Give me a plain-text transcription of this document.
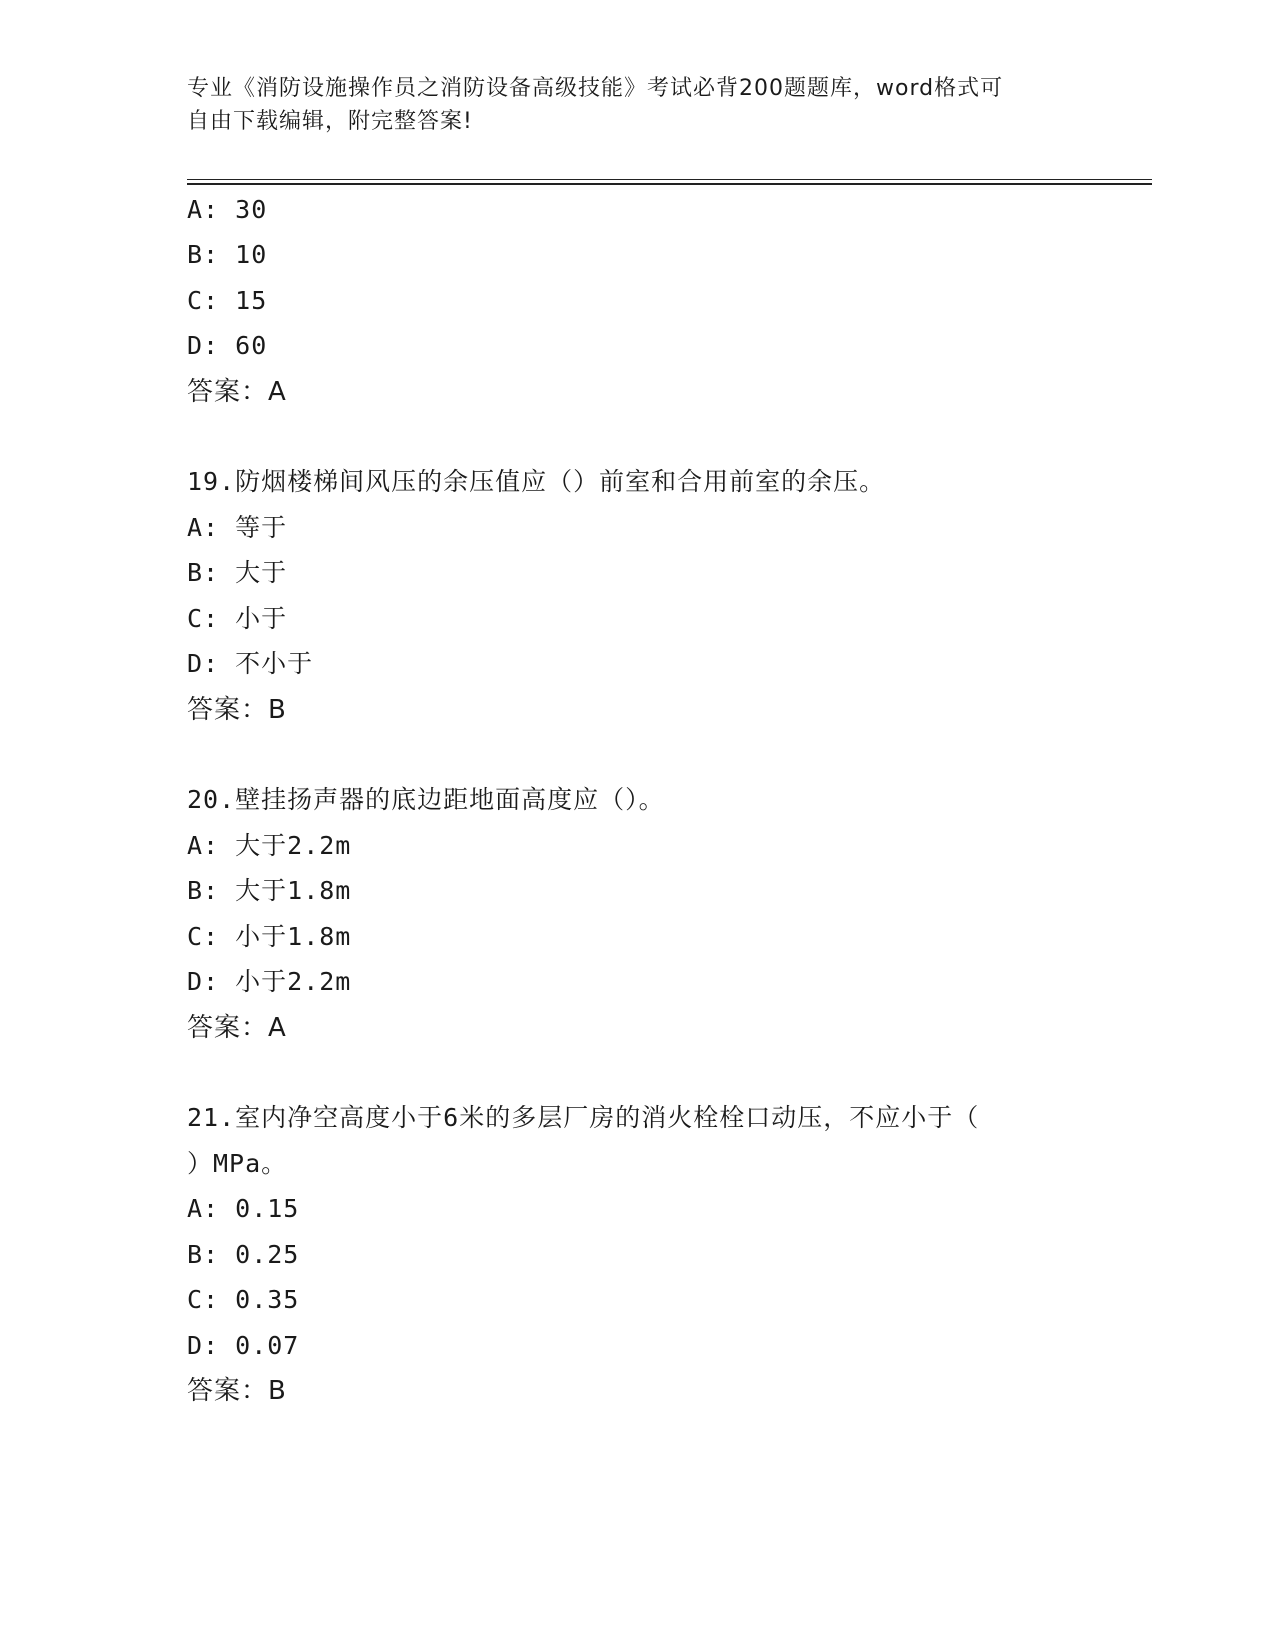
专业《消防设施操作员之消防设备高级技能》考试必背200题题库，word格式可
自由下载编辑，附完整答案!
A: 30
B: 10
C: 15
D: 60
答案：A
19.防烟楼梯间风压的余压值应（）前室和合用前室的余压。
A: 等于
B: 大于
C: 小于
D: 不小于
答案：B
20.壁挂扬声器的底边距地面高度应（）。
A: 大于2.2m
B: 大于1.8m
C: 小于1.8m
D: 小于2.2m
答案：A
21.室内净空高度小于6米的多层厂房的消火栓栓口动压，不应小于（
）MPa。
A: 0.15
B: 0.25
C: 0.35
D: 0.07
答案：B
